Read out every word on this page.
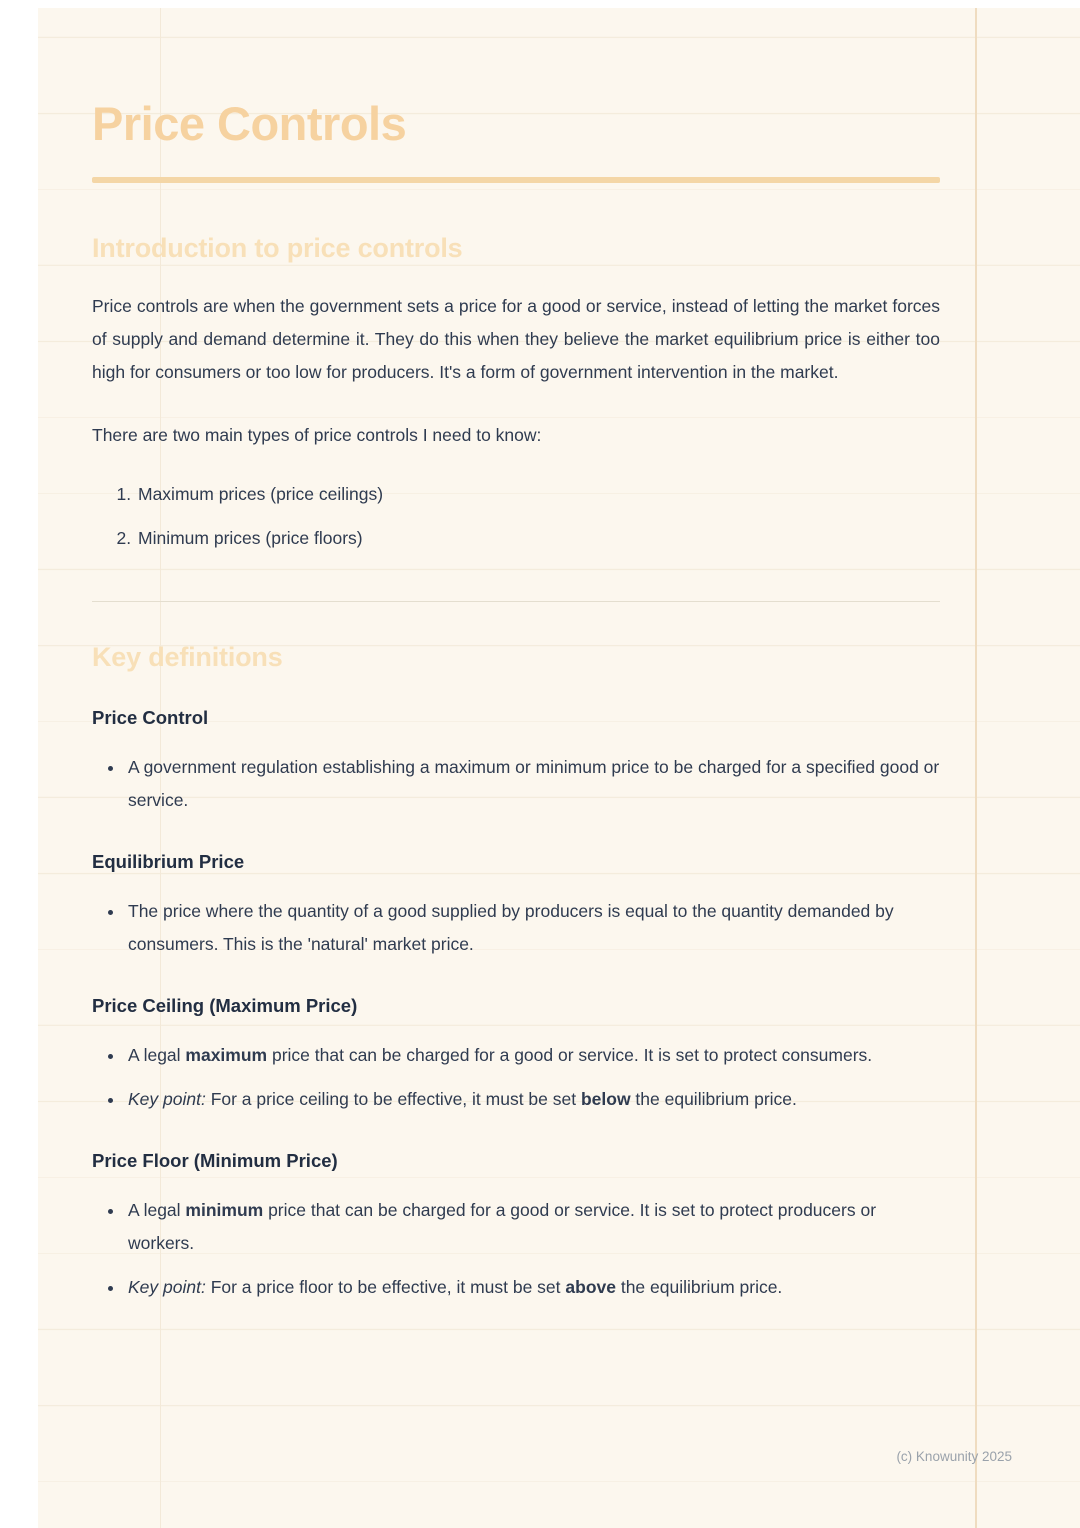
Price Controls
Introduction to price controls

Price controls are when the government sets a price for a good or service, instead of letting the market forces of supply and demand determine it. They do this when they believe the market equilibrium price is either too high for consumers or too low for producers. It's a form of government intervention in the market.

There are two main types of price controls I need to know:

1. Maximum prices (price ceilings)
2. Minimum prices (price floors)
Key definitions
Price Control
• A government regulation establishing a maximum or minimum price to be charged for a specified good or service.
Equilibrium Price
• The price where the quantity of a good supplied by producers is equal to the quantity demanded by consumers. This is the 'natural' market price.
Price Ceiling (Maximum Price)
• A legal maximum price that can be charged for a good or service. It is set to protect consumers.
• Key point: For a price ceiling to be effective, it must be set below the equilibrium price.
Price Floor (Minimum Price)
• A legal minimum price that can be charged for a good or service. It is set to protect producers or workers.
• Key point: For a price floor to be effective, it must be set above the equilibrium price.
(c) Knowunity 2025
